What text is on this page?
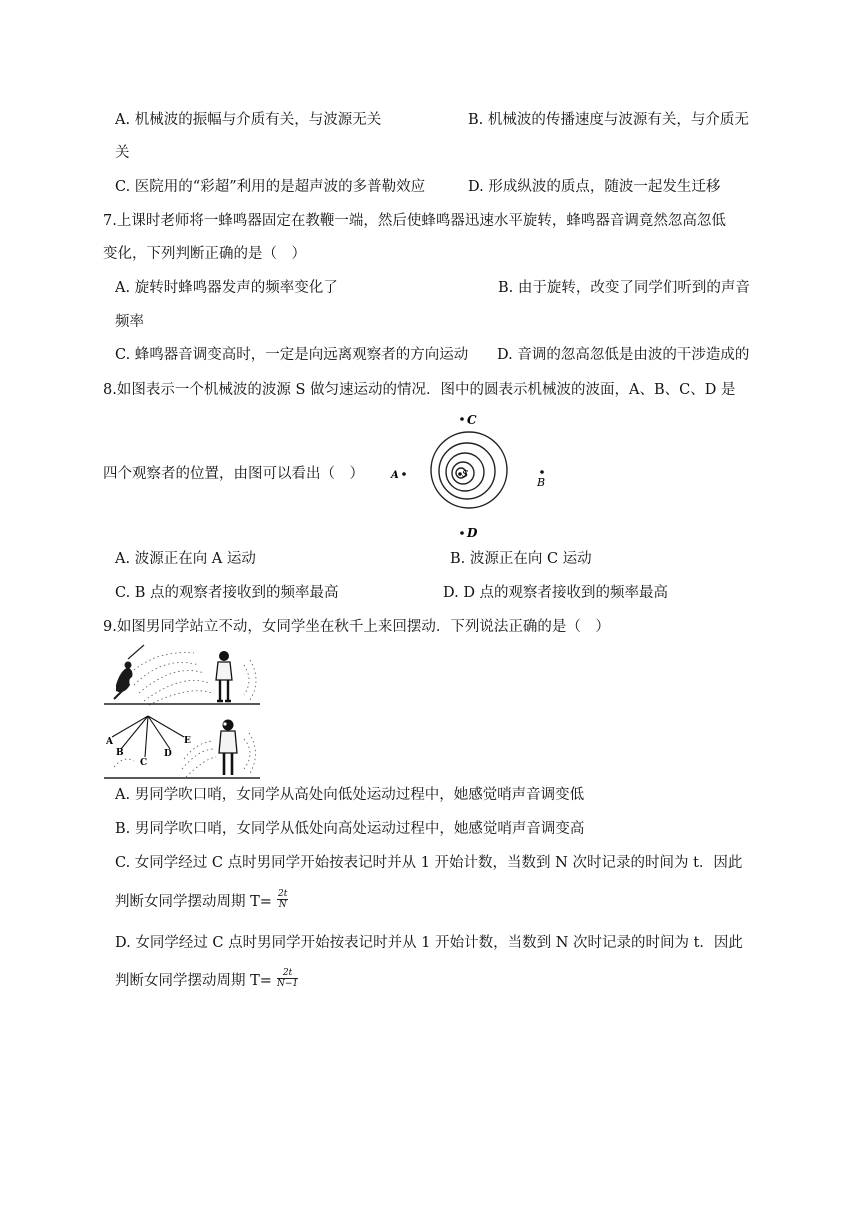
A. 机械波的振幅与介质有关，与波源无关	B. 机械波的传播速度与波源有关，与介质无
关
C. 医院用的“彩超”利用的是超声波的多普勒效应	D. 形成纵波的质点，随波一起发生迁移
7.上课时老师将一蜂鸣器固定在教鞭一端，然后使蜂鸣器迅速水平旋转，蜂鸣器音调竟然忽高忽低
变化，下列判断正确的是（　）
A. 旋转时蜂鸣器发声的频率变化了	B. 由于旋转，改变了同学们听到的声音
频率
C. 蜂鸣器音调变高时，一定是向远离观察者的方向运动 D. 音调的忽高忽低是由波的干涉造成的
8.如图表示一个机械波的波源 S 做匀速运动的情况．图中的圆表示机械波的波面，A、B、C、D 是
四个观察者的位置，由图可以看出（　）	S
C
A
B
D
A. 波源正在向 A 运动	B. 波源正在向 C 运动
C. B 点的观察者接收到的频率最高	D. D 点的观察者接收到的频率最高
9.如图男同学站立不动，女同学坐在秋千上来回摆动．下列说法正确的是（　）
A
B
C
D
E
A. 男同学吹口哨，女同学从高处向低处运动过程中，她感觉哨声音调变低
B. 男同学吹口哨，女同学从低处向高处运动过程中，她感觉哨声音调变高
C. 女同学经过 C 点时男同学开始按表记时并从 1 开始计数，当数到 N 次时记录的时间为 t．因此
判断女同学摆动周期 $T= \frac{2t}{N}$
D. 女同学经过 C 点时男同学开始按表记时并从 1 开始计数，当数到 N 次时记录的时间为 t．因此
判断女同学摆动周期 $T= \frac{2t}{N-1}$
